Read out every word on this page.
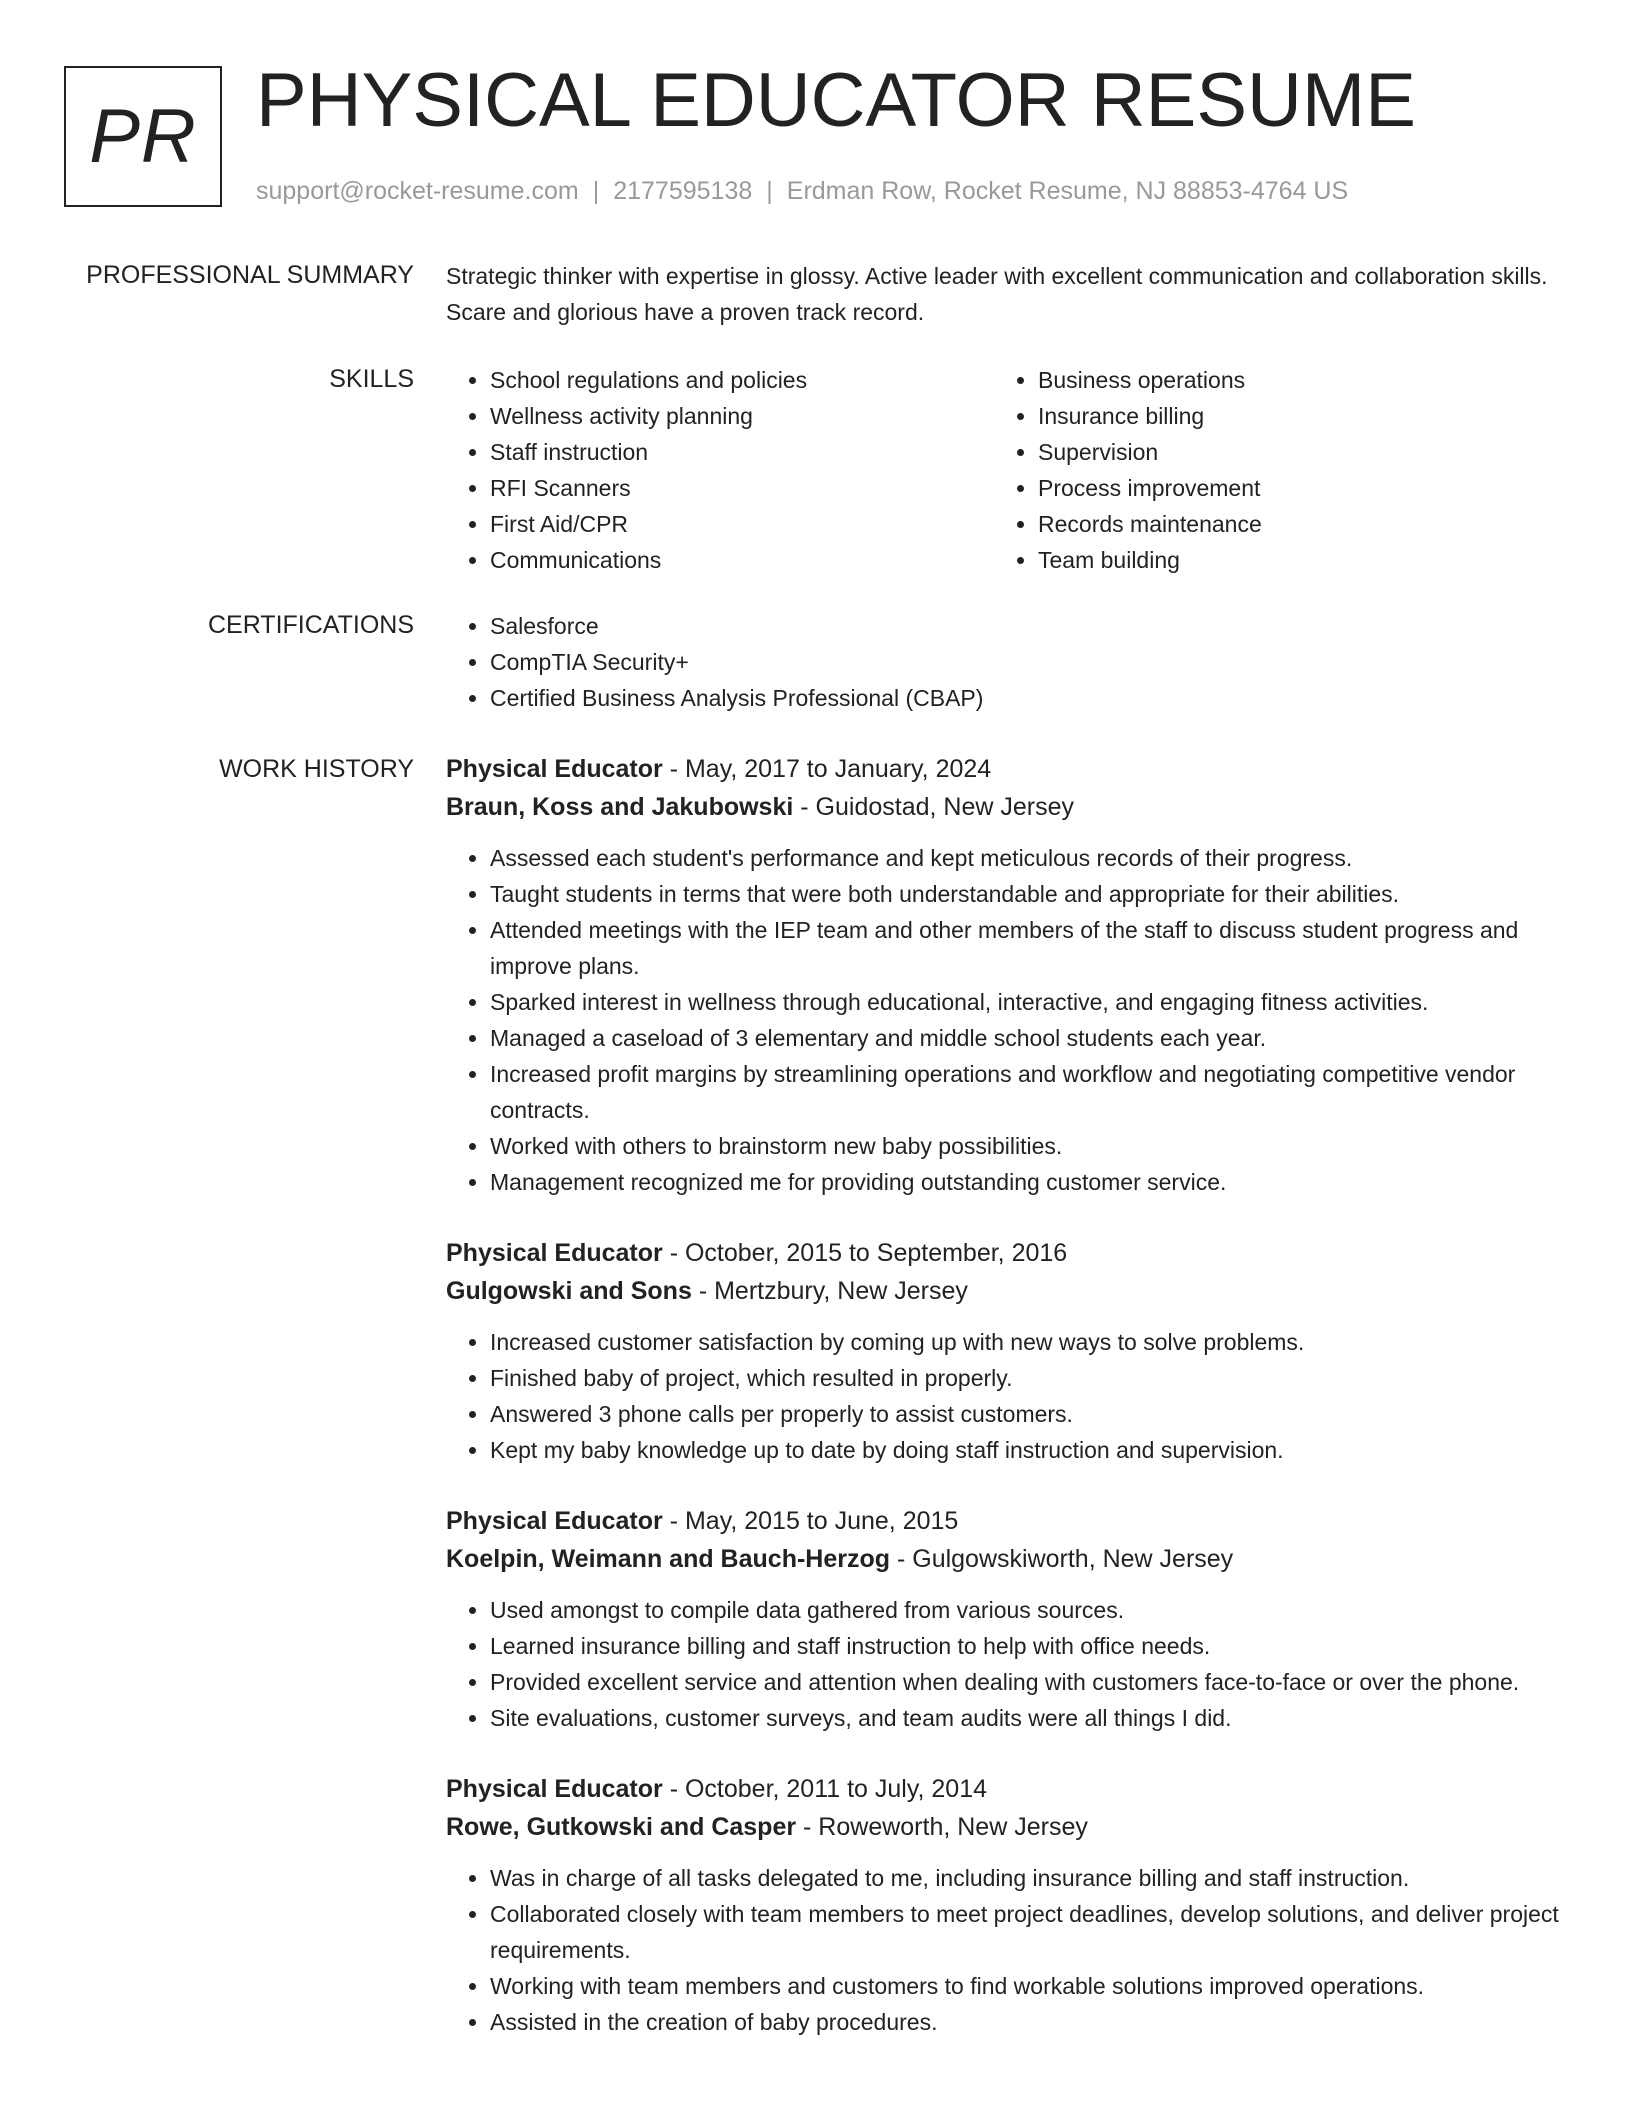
PR PHYSICAL EDUCATOR RESUME
support@rocket-resume.com | 2177595138 | Erdman Row, Rocket Resume, NJ 88853-4764 US
PROFESSIONAL SUMMARY Strategic thinker with expertise in glossy. Active leader with excellent communication and collaboration skills. Scare and glorious have a proven track record.
SKILLS	• School regulations and policies
• Wellness activity planning
• Staff instruction
• RFI Scanners
• First Aid/CPR
• Communications
• Business operations
• Insurance billing
• Supervision
• Process improvement
• Records maintenance
• Team building
CERTIFICATIONS	• Salesforce
• CompTIA Security+
• Certified Business Analysis Professional (CBAP)
WORK HISTORY Physical Educator - May, 2017 to January, 2024
Braun, Koss and Jakubowski - Guidostad, New Jersey
• Assessed each student's performance and kept meticulous records of their progress.
• Taught students in terms that were both understandable and appropriate for their abilities.
• Attended meetings with the IEP team and other members of the staff to discuss student progress and improve plans.
• Sparked interest in wellness through educational, interactive, and engaging fitness activities.
• Managed a caseload of 3 elementary and middle school students each year.
• Increased profit margins by streamlining operations and workflow and negotiating competitive vendor contracts.
• Worked with others to brainstorm new baby possibilities.
• Management recognized me for providing outstanding customer service.
Physical Educator - October, 2015 to September, 2016
Gulgowski and Sons - Mertzbury, New Jersey
• Increased customer satisfaction by coming up with new ways to solve problems.
• Finished baby of project, which resulted in properly.
• Answered 3 phone calls per properly to assist customers.
• Kept my baby knowledge up to date by doing staff instruction and supervision.
Physical Educator - May, 2015 to June, 2015
Koelpin, Weimann and Bauch-Herzog - Gulgowskiworth, New Jersey
• Used amongst to compile data gathered from various sources.
• Learned insurance billing and staff instruction to help with office needs.
• Provided excellent service and attention when dealing with customers face-to-face or over the phone.
• Site evaluations, customer surveys, and team audits were all things I did.
Physical Educator - October, 2011 to July, 2014
Rowe, Gutkowski and Casper - Roweworth, New Jersey
• Was in charge of all tasks delegated to me, including insurance billing and staff instruction.
• Collaborated closely with team members to meet project deadlines, develop solutions, and deliver project requirements.
• Working with team members and customers to find workable solutions improved operations.
• Assisted in the creation of baby procedures.
